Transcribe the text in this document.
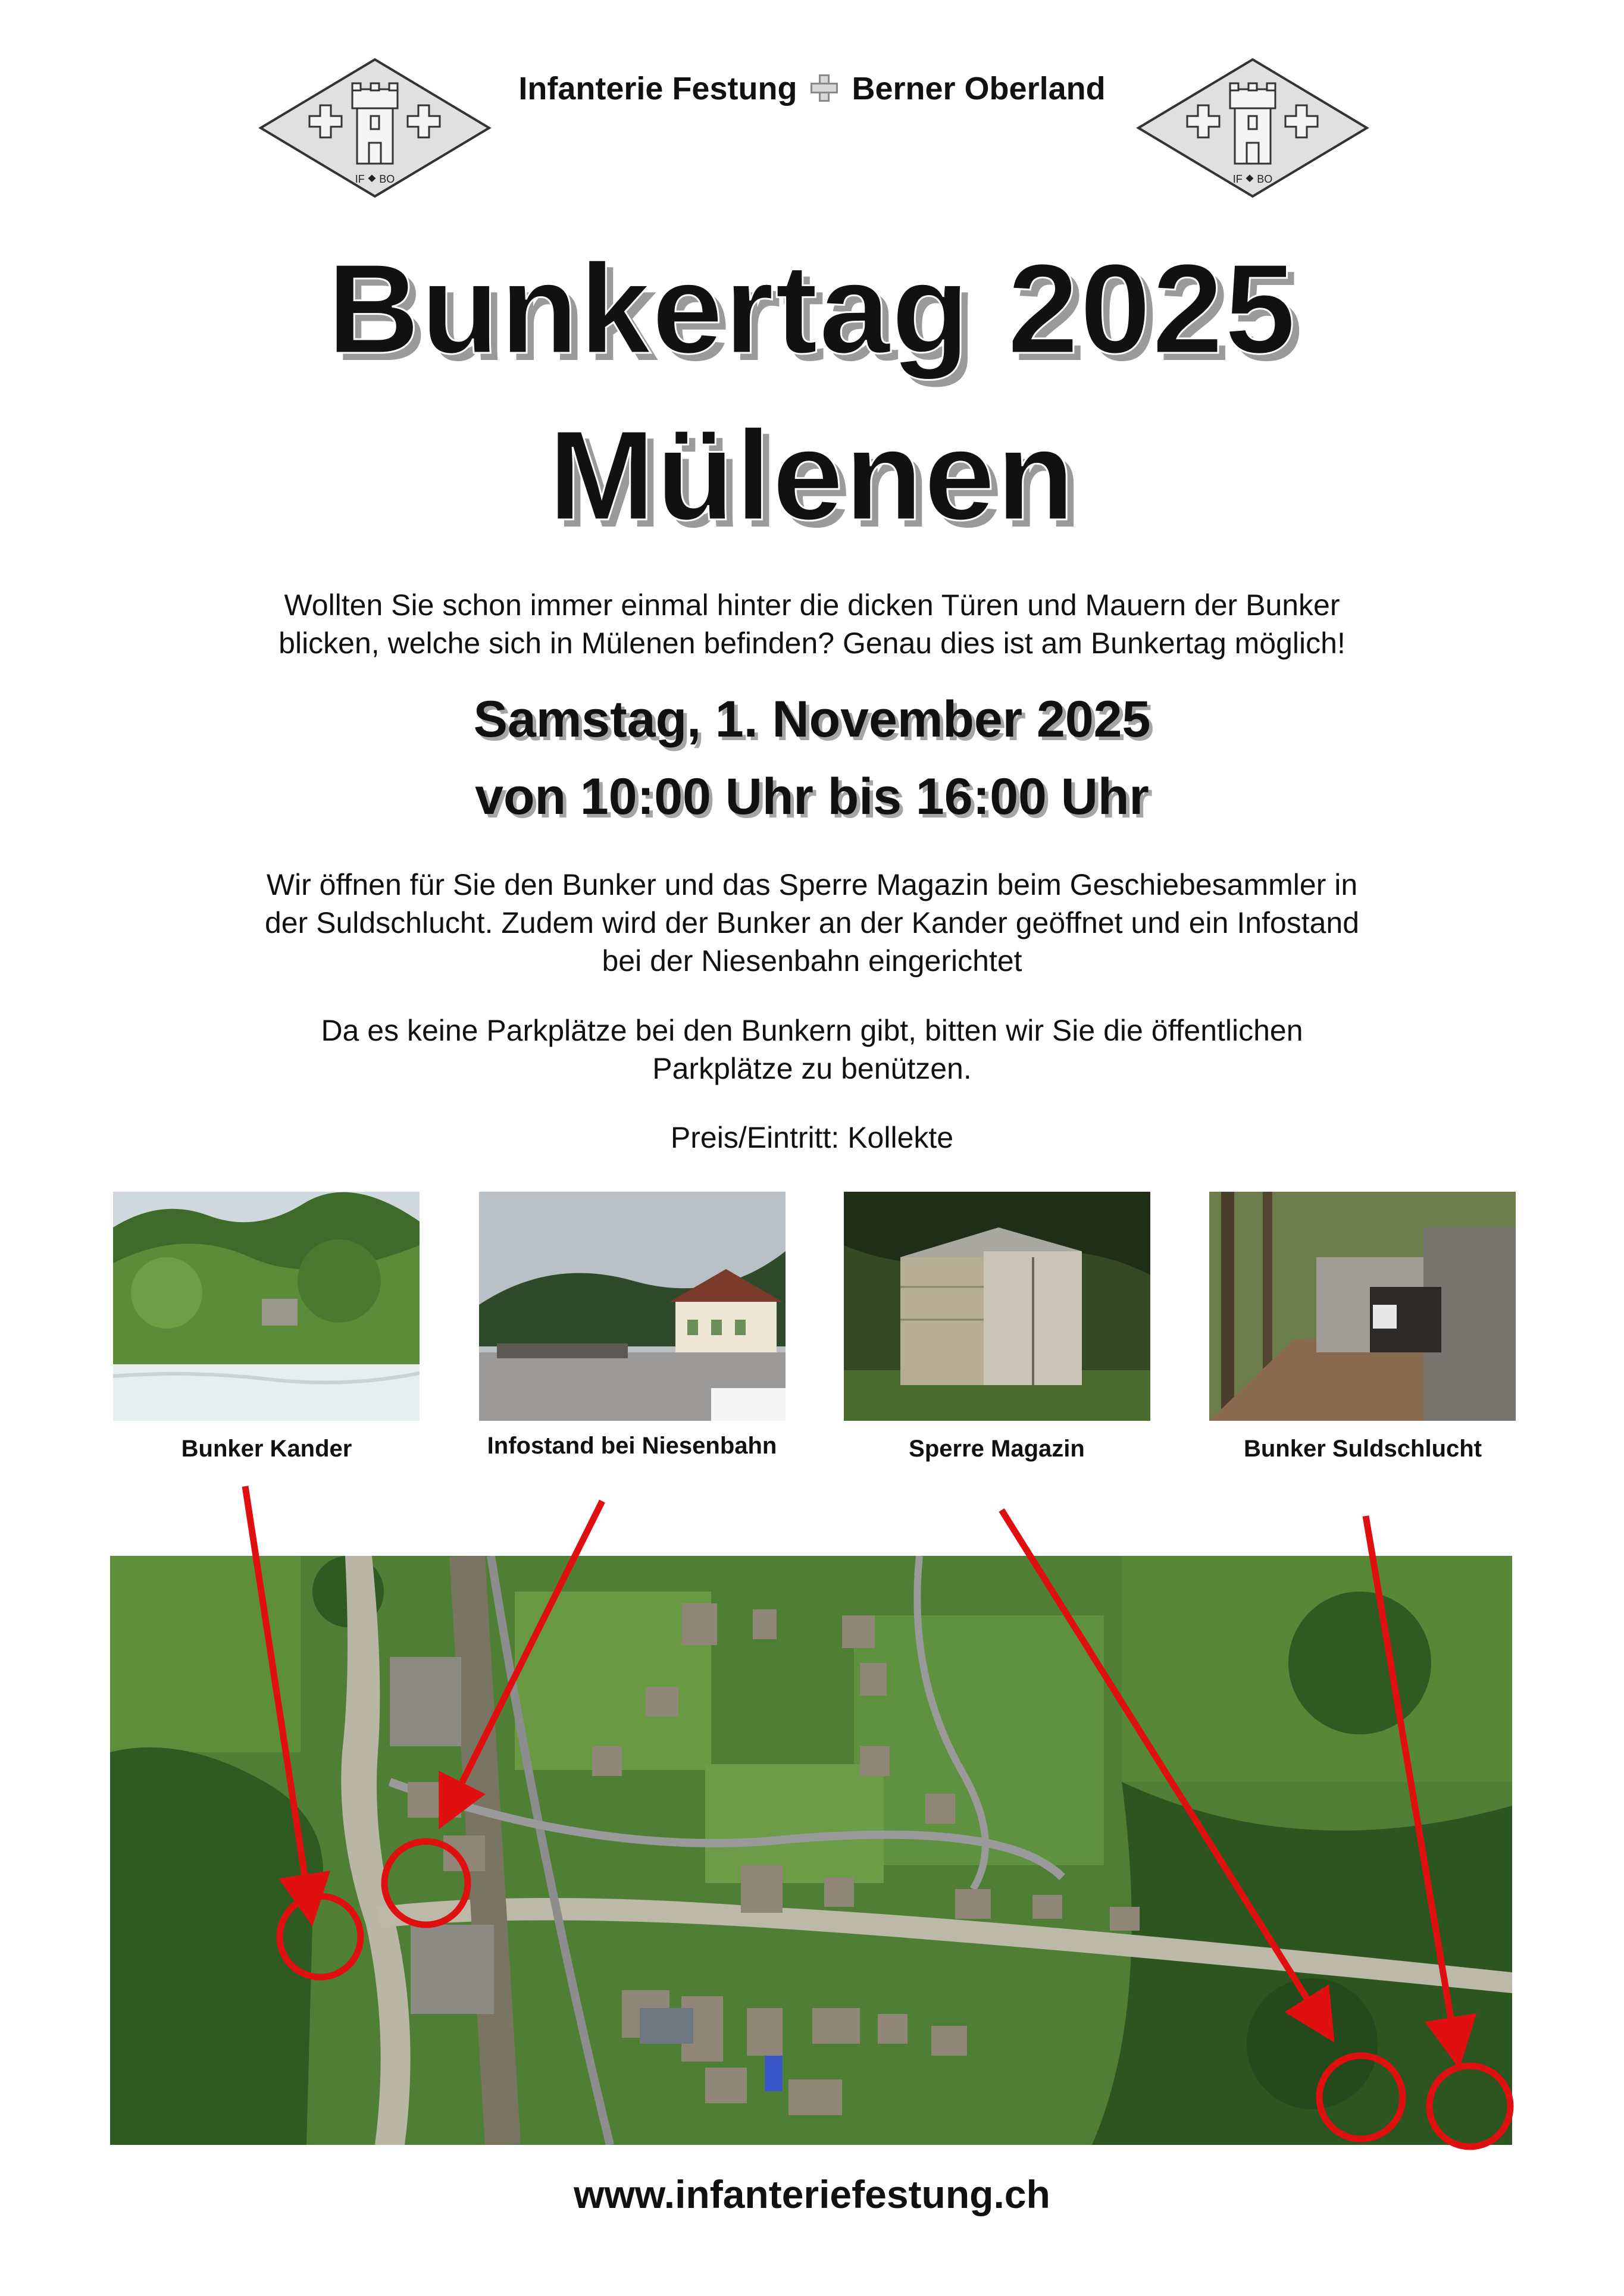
IF ⯁ BO	IF ⯁ BO
Infanterie Festung Berner Oberland
Bunkertag 2025
Mülenen
Wollten Sie schon immer einmal hinter die dicken Türen und Mauern der Bunker
blicken, welche sich in Mülenen befinden? Genau dies ist am Bunkertag möglich!
Samstag, 1. November 2025
von 10:00 Uhr bis 16:00 Uhr
Wir öffnen für Sie den Bunker und das Sperre Magazin beim Geschiebesammler in
der Suldschlucht. Zudem wird der Bunker an der Kander geöffnet und ein Infostand
bei der Niesenbahn eingerichtet
Da es keine Parkplätze bei den Bunkern gibt, bitten wir Sie die öffentlichen
Parkplätze zu benützen.
Preis/Eintritt: Kollekte
Bunker Kander	Infostand bei Niesenbahn	Sperre Magazin	Bunker Suldschlucht
www.infanteriefestung.ch
